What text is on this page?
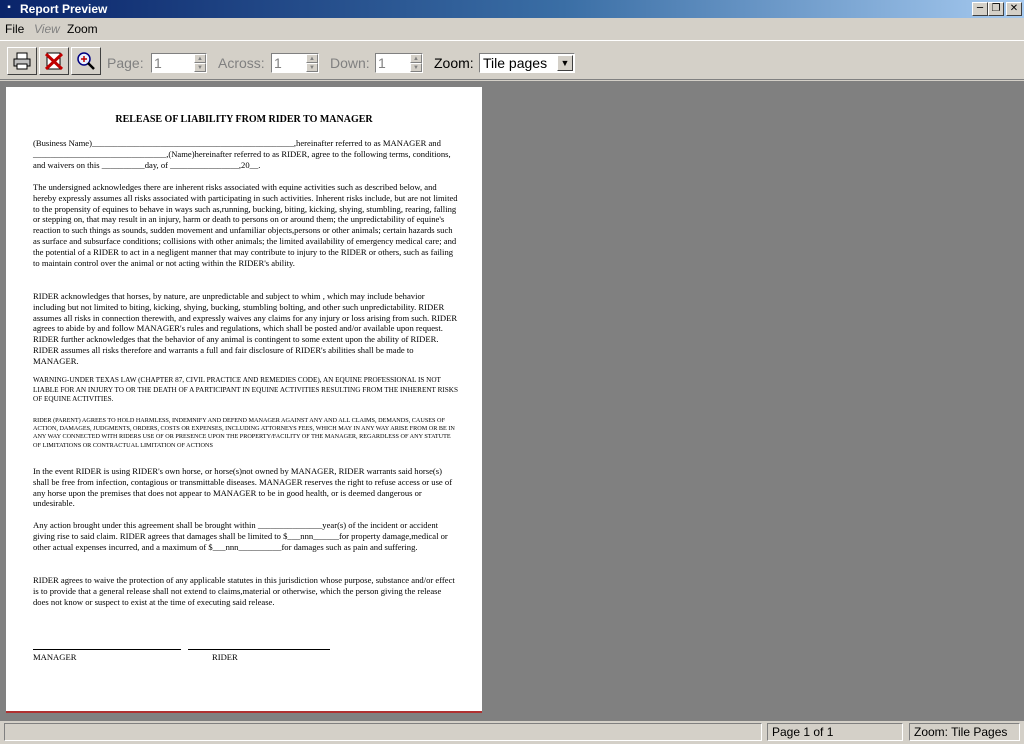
▪ Report Preview	─ ❐ ✕
File View Zoom
Page: 1	▲
▼ Across: 1	▲
▼ Down: 1	▲
▼ Zoom: Tile pages	▼
RELEASE OF LIABILITY FROM RIDER TO MANAGER
(Business Name)_______________________________________________,hereinafter referred to as MANAGER and _______________________________,(Name)hereinafter referred to as RIDER, agree to the following terms, conditions, and waivers on this __________day, of ________________,20__.
The undersigned acknowledges there are inherent risks associated with equine activities such as described below, and hereby expressly assumes all risks associated with participating in such activities. Inherent risks include, but are not limited to the propensity of equines to behave in ways such as,running, bucking, biting, kicking, shying, stumbling, rearing, falling or stepping on, that may result in an injury, harm or death to persons on or around them; the unpredictability of equine's reaction to such things as sounds, sudden movement and unfamiliar objects,persons or other animals; certain hazards such as surface and subsurface conditions; collisions with other animals; the limited availability of emergency medical care; and the potential of a RIDER to act in a negligent manner that may contribute to injury to the RIDER or others, such as failing to maintain control over the animal or not acting within the RIDER's ability.
RIDER acknowledges that horses, by nature, are unpredictable and subject to whim , which may include behavior including but not limited to biting, kicking, shying, bucking, stumbling bolting, and other such unpredictability. RIDER assumes all risks in connection therewith, and expressly waives any claims for any injury or loss arising from such. RIDER agrees to abide by and follow MANAGER's rules and regulations, which shall be posted and/or available upon request. RIDER further acknowledges that the behavior of any animal is contingent to some extent upon the ability of RIDER. RIDER assumes all risks therefore and warrants a full and fair disclosure of RIDER's abilities shall be made to MANAGER.
WARNING-UNDER TEXAS LAW (CHAPTER 87, CIVIL PRACTICE AND REMEDIES CODE), AN EQUINE PROFESSIONAL IS NOT LIABLE FOR AN INJURY TO OR THE DEATH OF A PARTICIPANT IN EQUINE ACTIVITIES RESULTING FROM THE INHERENT RISKS OF EQUINE ACTIVITIES.
RIDER (PARENT) AGREES TO HOLD HARMLESS, INDEMNIFY AND DEFEND MANAGER AGAINST ANY AND ALL CLAIMS, DEMANDS, CAUSES OF ACTION, DAMAGES, JUDGMENTS, ORDERS, COSTS OR EXPENSES, INCLUDING ATTORNEYS FEES, WHICH MAY IN ANY WAY ARISE FROM OR BE IN ANY WAY CONNECTED WITH RIDERS USE OF OR PRESENCE UPON THE PROPERTY/FACILITY OF THE MANAGER, REGARDLESS OF ANY STATUTE OF LIMITATIONS OR CONTRACTUAL LIMITATION OF ACTIONS
In the event RIDER is using RIDER's own horse, or horse(s)not owned by MANAGER, RIDER warrants said horse(s) shall be free from infection, contagious or transmittable diseases. MANAGER reserves the right to refuse access or use of any horse upon the premises that does not appear to MANAGER to be in good health, or is deemed dangerous or undesirable.
Any action brought under this agreement shall be brought within _______________year(s) of the incident or accident giving rise to said claim. RIDER agrees that damages shall be limited to $___nnn______for property damage,medical or other actual expenses incurred, and a maximum of $___nnn__________for damages such as pain and suffering.
RIDER agrees to waive the protection of any applicable statutes in this jurisdiction whose purpose, substance and/or effect is to provide that a general release shall not extend to claims,material or otherwise, which the person giving the release does not know or suspect to exist at the time of executing said release.
MANAGER	RIDER
Page 1 of 1	Zoom: Tile Pages
